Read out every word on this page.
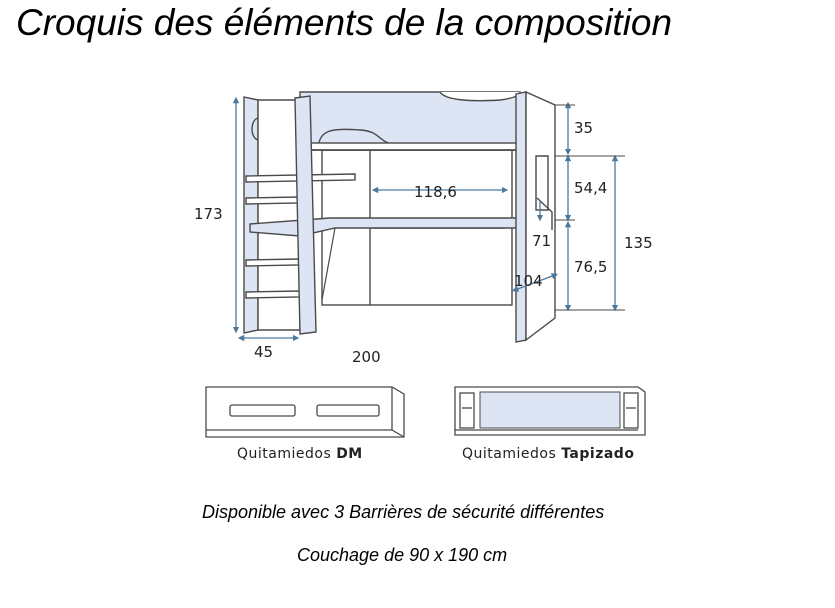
Croquis des éléments de la composition
173
35
54,4
76,5
135
118,6
71
104
45	200
Quitamiedos DM	Quitamiedos Tapizado
Disponible avec 3 Barrières de sécurité différentes
Couchage de 90 x 190 cm
